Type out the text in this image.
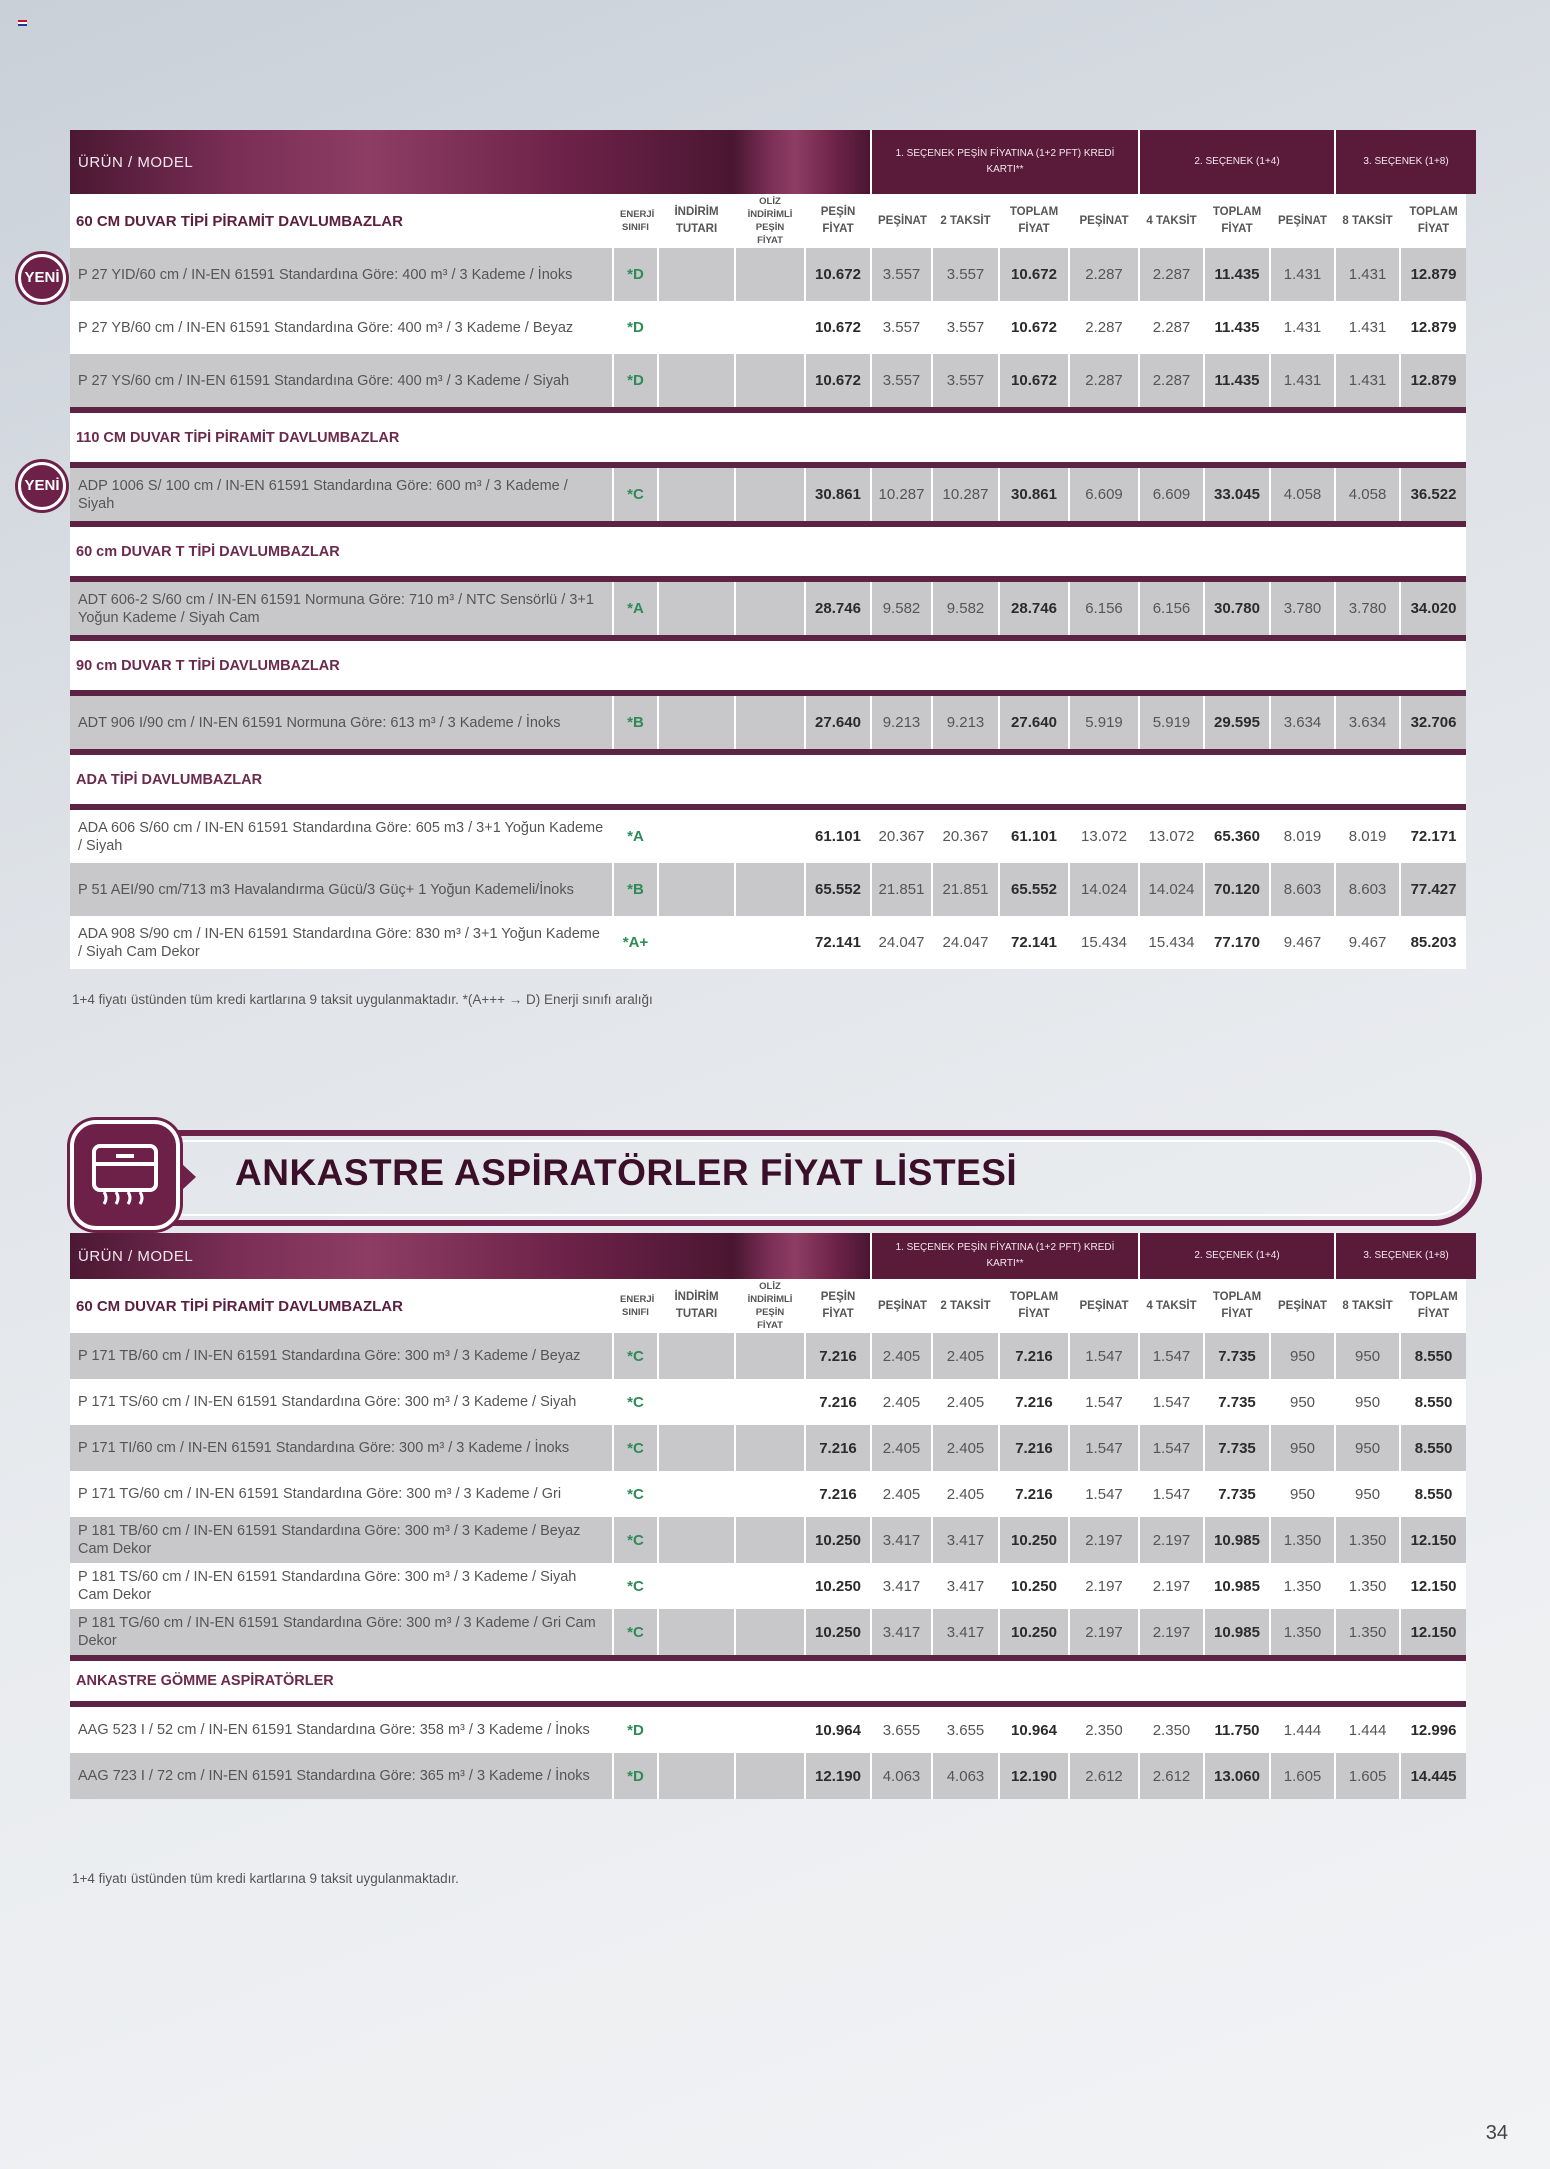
ÜRÜN / MODEL					1. SEÇENEK PEŞİN FİYATINA (1+2 PFT) KREDİ KARTI**				2. SEÇENEK (1+4)			3. SEÇENEK (1+8)	
60 CM DUVAR TİPİ PİRAMİT DAVLUMBAZLAR	ENERJİ SINIFI	İNDİRİM TUTARI	OLİZ İNDİRİMLİ PEŞİN FİYAT	PEŞİN FİYAT	PEŞİNAT	2 TAKSİT	TOPLAM FİYAT	PEŞİNAT	4 TAKSİT	TOPLAM FİYAT	PEŞİNAT	8 TAKSİT	TOPLAM FİYAT
P 27 YID/60 cm / IN-EN 61591 Standardına Göre: 400 m³ / 3 Kademe / İnoks	*D			10.672	3.557	3.557	10.672	2.287	2.287	11.435	1.431	1.431	12.879
P 27 YB/60 cm / IN-EN 61591 Standardına Göre: 400 m³ / 3 Kademe / Beyaz	*D			10.672	3.557	3.557	10.672	2.287	2.287	11.435	1.431	1.431	12.879
P 27 YS/60 cm / IN-EN 61591 Standardına Göre: 400 m³ / 3 Kademe / Siyah	*D			10.672	3.557	3.557	10.672	2.287	2.287	11.435	1.431	1.431	12.879

110 CM DUVAR TİPİ PİRAMİT DAVLUMBAZLAR													

ADP 1006 S/ 100 cm / IN-EN 61591 Standardına Göre: 600 m³ / 3 Kademe / Siyah	*C			30.861	10.287	10.287	30.861	6.609	6.609	33.045	4.058	4.058	36.522

60 cm DUVAR T TİPİ DAVLUMBAZLAR													

ADT 606-2 S/60 cm / IN-EN 61591 Normuna Göre: 710 m³ / NTC Sensörlü / 3+1 Yoğun Kademe / Siyah Cam	*A			28.746	9.582	9.582	28.746	6.156	6.156	30.780	3.780	3.780	34.020

90 cm DUVAR T TİPİ DAVLUMBAZLAR													

ADT 906 I/90 cm / IN-EN 61591 Normuna Göre: 613 m³ / 3 Kademe / İnoks	*B			27.640	9.213	9.213	27.640	5.919	5.919	29.595	3.634	3.634	32.706

ADA TİPİ DAVLUMBAZLAR													

ADA 606 S/60 cm / IN-EN 61591 Standardına Göre: 605 m3 / 3+1 Yoğun Kademe / Siyah	*A			61.101	20.367	20.367	61.101	13.072	13.072	65.360	8.019	8.019	72.171
P 51 AEI/90 cm/713 m3 Havalandırma Gücü/3 Güç+ 1 Yoğun Kademeli/İnoks	*B			65.552	21.851	21.851	65.552	14.024	14.024	70.120	8.603	8.603	77.427
ADA 908 S/90 cm / IN-EN 61591 Standardına Göre: 830 m³ / 3+1 Yoğun Kademe / Siyah Cam Dekor	*A+			72.141	24.047	24.047	72.141	15.434	15.434	77.170	9.467	9.467	85.203
YENİ
YENİ
1+4 fiyatı üstünden tüm kredi kartlarına 9 taksit uygulanmaktadır. *(A+++ → D) Enerji sınıfı aralığı
ANKASTRE ASPİRATÖRLER FİYAT LİSTESİ
ÜRÜN / MODEL					1. SEÇENEK PEŞİN FİYATINA (1+2 PFT) KREDİ KARTI**				2. SEÇENEK (1+4)			3. SEÇENEK (1+8)	
60 CM DUVAR TİPİ PİRAMİT DAVLUMBAZLAR	ENERJİ SINIFI	İNDİRİM TUTARI	OLİZ İNDİRİMLİ PEŞİN FİYAT	PEŞİN FİYAT	PEŞİNAT	2 TAKSİT	TOPLAM FİYAT	PEŞİNAT	4 TAKSİT	TOPLAM FİYAT	PEŞİNAT	8 TAKSİT	TOPLAM FİYAT
P 171 TB/60 cm / IN-EN 61591 Standardına Göre: 300 m³ / 3 Kademe / Beyaz	*C			7.216	2.405	2.405	7.216	1.547	1.547	7.735	950	950	8.550
P 171 TS/60 cm / IN-EN 61591 Standardına Göre: 300 m³ / 3 Kademe / Siyah	*C			7.216	2.405	2.405	7.216	1.547	1.547	7.735	950	950	8.550
P 171 TI/60 cm / IN-EN 61591 Standardına Göre: 300 m³ / 3 Kademe / İnoks	*C			7.216	2.405	2.405	7.216	1.547	1.547	7.735	950	950	8.550
P 171 TG/60 cm / IN-EN 61591 Standardına Göre: 300 m³ / 3 Kademe / Gri	*C			7.216	2.405	2.405	7.216	1.547	1.547	7.735	950	950	8.550
P 181 TB/60 cm / IN-EN 61591 Standardına Göre: 300 m³ / 3 Kademe / Beyaz Cam Dekor	*C			10.250	3.417	3.417	10.250	2.197	2.197	10.985	1.350	1.350	12.150
P 181 TS/60 cm / IN-EN 61591 Standardına Göre: 300 m³ / 3 Kademe / Siyah Cam Dekor	*C			10.250	3.417	3.417	10.250	2.197	2.197	10.985	1.350	1.350	12.150
P 181 TG/60 cm / IN-EN 61591 Standardına Göre: 300 m³ / 3 Kademe / Gri Cam Dekor	*C			10.250	3.417	3.417	10.250	2.197	2.197	10.985	1.350	1.350	12.150

ANKASTRE GÖMME ASPİRATÖRLER													

AAG 523 I / 52 cm / IN-EN 61591 Standardına Göre: 358 m³ / 3 Kademe / İnoks	*D			10.964	3.655	3.655	10.964	2.350	2.350	11.750	1.444	1.444	12.996
AAG 723 I / 72 cm / IN-EN 61591 Standardına Göre: 365 m³ / 3 Kademe / İnoks	*D			12.190	4.063	4.063	12.190	2.612	2.612	13.060	1.605	1.605	14.445
1+4 fiyatı üstünden tüm kredi kartlarına 9 taksit uygulanmaktadır.
34
